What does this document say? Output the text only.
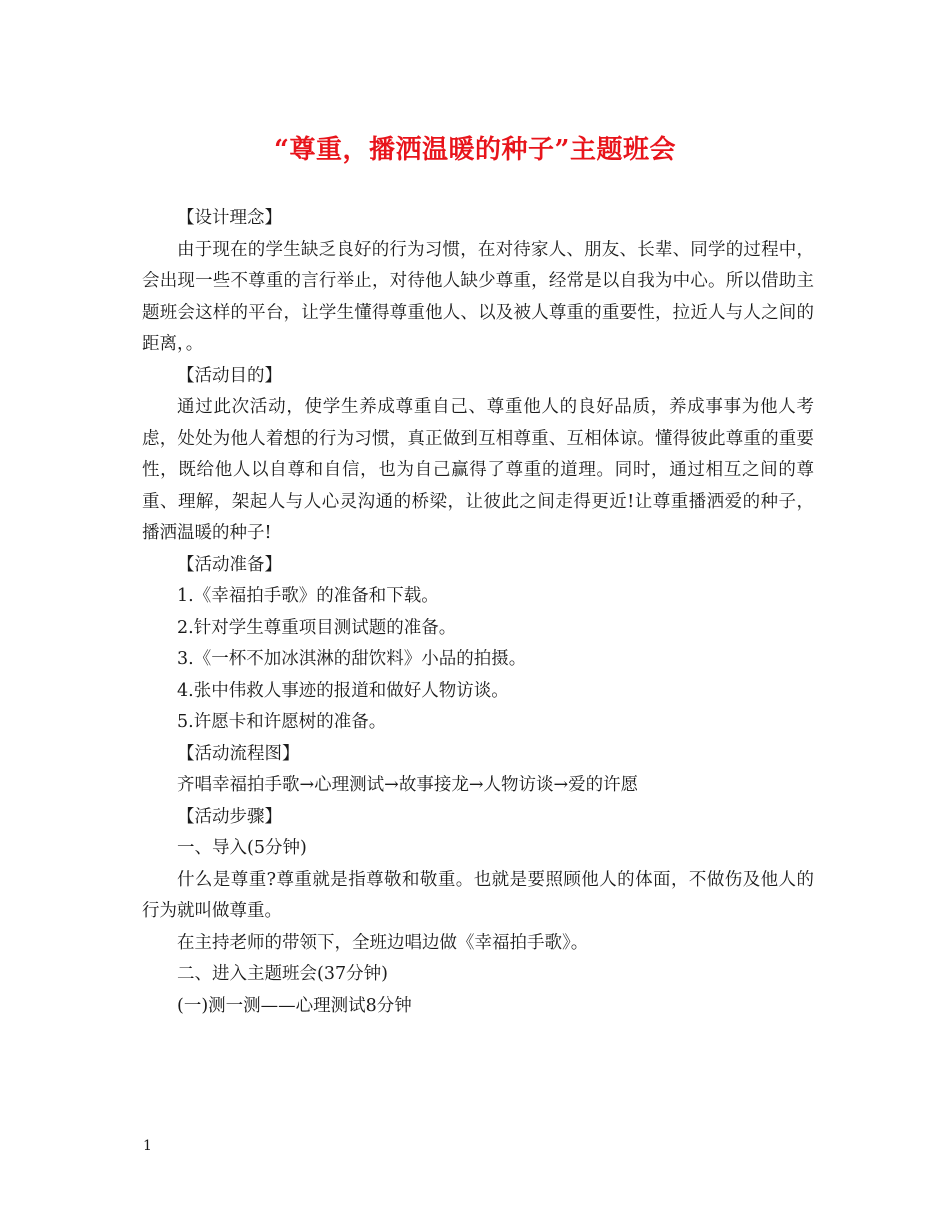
“尊重，播洒温暖的种子”主题班会

【设计理念】

由于现在的学生缺乏良好的行为习惯，在对待家人、朋友、长辈、同学的过程中，会出现一些不尊重的言行举止，对待他人缺少尊重，经常是以自我为中心。所以借助主题班会这样的平台，让学生懂得尊重他人、以及被人尊重的重要性，拉近人与人之间的距离，。

【活动目的】

通过此次活动，使学生养成尊重自己、尊重他人的良好品质，养成事事为他人考虑，处处为他人着想的行为习惯，真正做到互相尊重、互相体谅。懂得彼此尊重的重要性，既给他人以自尊和自信，也为自己赢得了尊重的道理。同时，通过相互之间的尊重、理解，架起人与人心灵沟通的桥梁，让彼此之间走得更近!让尊重播洒爱的种子，播洒温暖的种子!

【活动准备】

1.《幸福拍手歌》的准备和下载。

2.针对学生尊重项目测试题的准备。

3.《一杯不加冰淇淋的甜饮料》小品的拍摄。

4.张中伟救人事迹的报道和做好人物访谈。

5.许愿卡和许愿树的准备。

【活动流程图】

齐唱幸福拍手歌→心理测试→故事接龙→人物访谈→爱的许愿

【活动步骤】

一、导入(5分钟)

什么是尊重?尊重就是指尊敬和敬重。也就是要照顾他人的体面，不做伤及他人的行为就叫做尊重。

在主持老师的带领下，全班边唱边做《幸福拍手歌》。

二、进入主题班会(37分钟)

(一)测一测——心理测试8分钟

1
